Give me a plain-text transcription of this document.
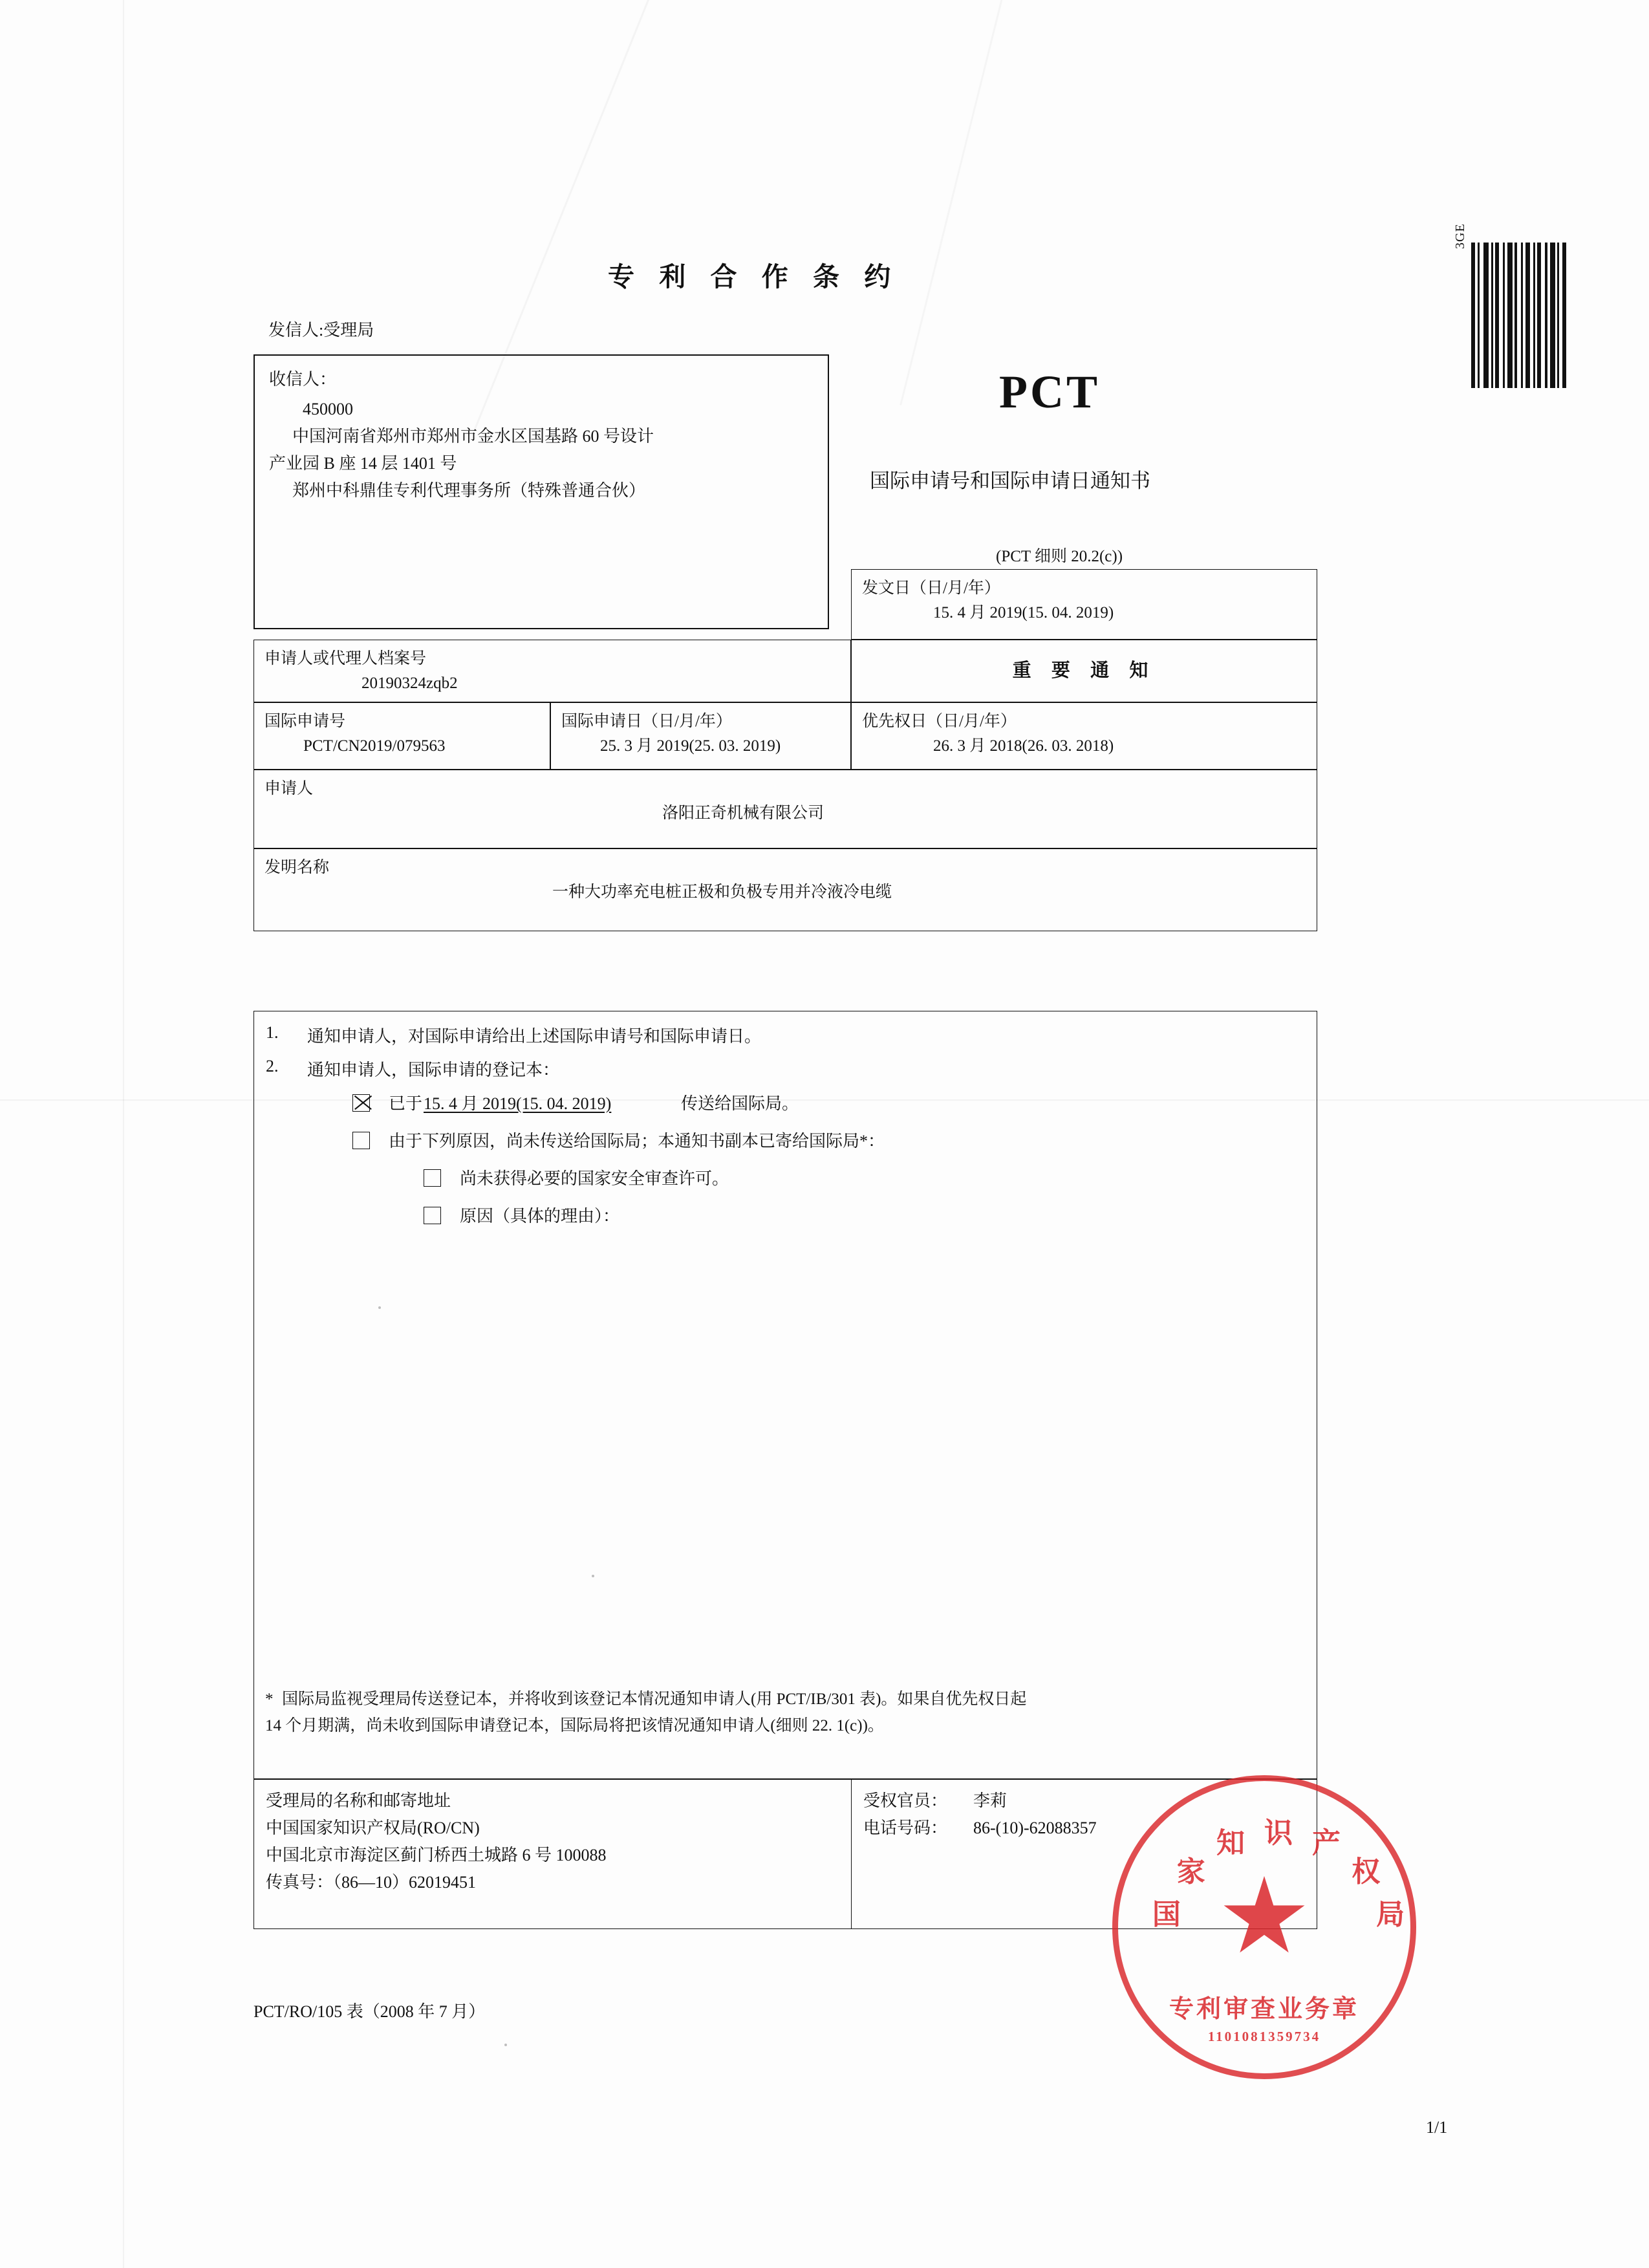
专 利 合 作 条 约
发信人:受理局
3GE
收信人：
450000
中国河南省郑州市郑州市金水区国基路 60 号设计
产业园 B 座 14 层 1401 号
郑州中科鼎佳专利代理事务所（特殊普通合伙）
PCT
国际申请号和国际申请日通知书
(PCT 细则 20.2(c))
发文日（日/月/年）
15. 4 月 2019(15. 04. 2019)
重 要 通 知
申请人或代理人档案号
20190324zqb2
国际申请号
PCT/CN2019/079563
国际申请日（日/月/年）
25. 3 月 2019(25. 03. 2019)
优先权日（日/月/年）
26. 3 月 2018(26. 03. 2018)
申请人
洛阳正奇机械有限公司
发明名称
一种大功率充电桩正极和负极专用并冷液冷电缆
1. 通知申请人，对国际申请给出上述国际申请号和国际申请日。
2. 通知申请人，国际申请的登记本：
已于 15. 4 月 2019(15. 04. 2019)	传送给国际局。
由于下列原因，尚未传送给国际局；本通知书副本已寄给国际局*：
尚未获得必要的国家安全审查许可。
原因（具体的理由）：
* 国际局监视受理局传送登记本，并将收到该登记本情况通知申请人(用 PCT/IB/301 表)。如果自优先权日起
14 个月期满，尚未收到国际申请登记本，国际局将把该情况通知申请人(细则 22. 1(c))。
受理局的名称和邮寄地址
中国国家知识产权局(RO/CN)
中国北京市海淀区蓟门桥西土城路 6 号 100088
传真号：（86—10）62019451
受权官员： 李莉
电话号码： 86-(10)-62088357
国
家
知 识 产
权
局
专利审查业务章
1101081359734
PCT/RO/105 表（2008 年 7 月）
1/1
